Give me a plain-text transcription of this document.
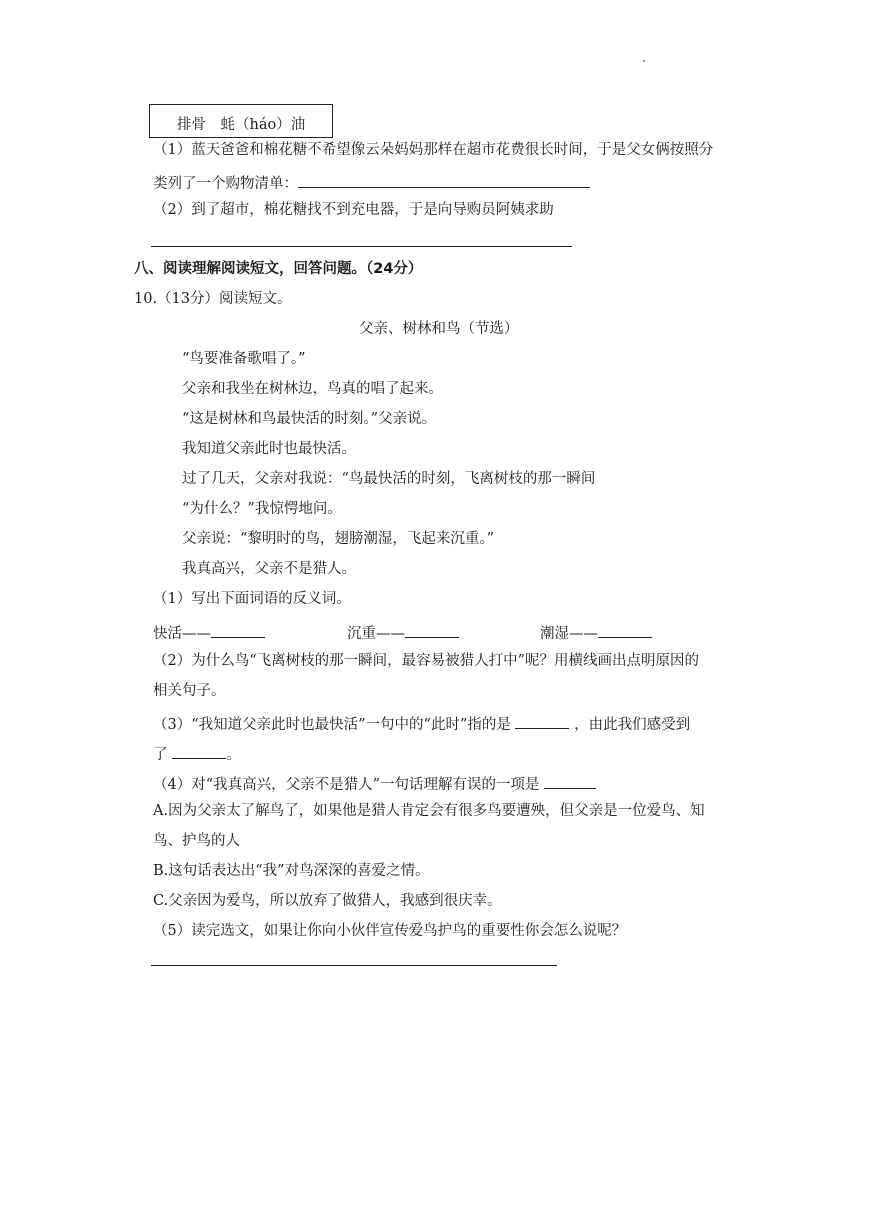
排骨　蚝（háo）油
（1）蓝天爸爸和棉花糖不希望像云朵妈妈那样在超市花费很长时间，于是父女俩按照分
类列了一个购物清单：
（2）到了超市，棉花糖找不到充电器，于是向导购员阿姨求助
八、阅读理解阅读短文，回答问题。（24分）
10.（13分）阅读短文。
父亲、树林和鸟（节选）
“鸟要准备歌唱了。”
父亲和我坐在树林边，鸟真的唱了起来。
“这是树林和鸟最快活的时刻。”父亲说。
我知道父亲此时也最快活。
过了几天，父亲对我说：“鸟最快活的时刻，飞离树枝的那一瞬间
“为什么？”我惊愕地问。
父亲说：“黎明时的鸟，翅膀潮湿，飞起来沉重。”
我真高兴，父亲不是猎人。
（1）写出下面词语的反义词。
快活——	沉重——	潮湿——
（2）为什么鸟“飞离树枝的那一瞬间，最容易被猎人打中”呢？用横线画出点明原因的
相关句子。
（3）“我知道父亲此时也最快活”一句中的“此时”指的是	，由此我们感受到
了	。
（4）对“我真高兴，父亲不是猎人”一句话理解有误的一项是
A.因为父亲太了解鸟了，如果他是猎人肯定会有很多鸟要遭殃，但父亲是一位爱鸟、知
鸟、护鸟的人
B.这句话表达出“我”对鸟深深的喜爱之情。
C.父亲因为爱鸟，所以放弃了做猎人，我感到很庆幸。
（5）读完选文，如果让你向小伙伴宣传爱鸟护鸟的重要性你会怎么说呢？
